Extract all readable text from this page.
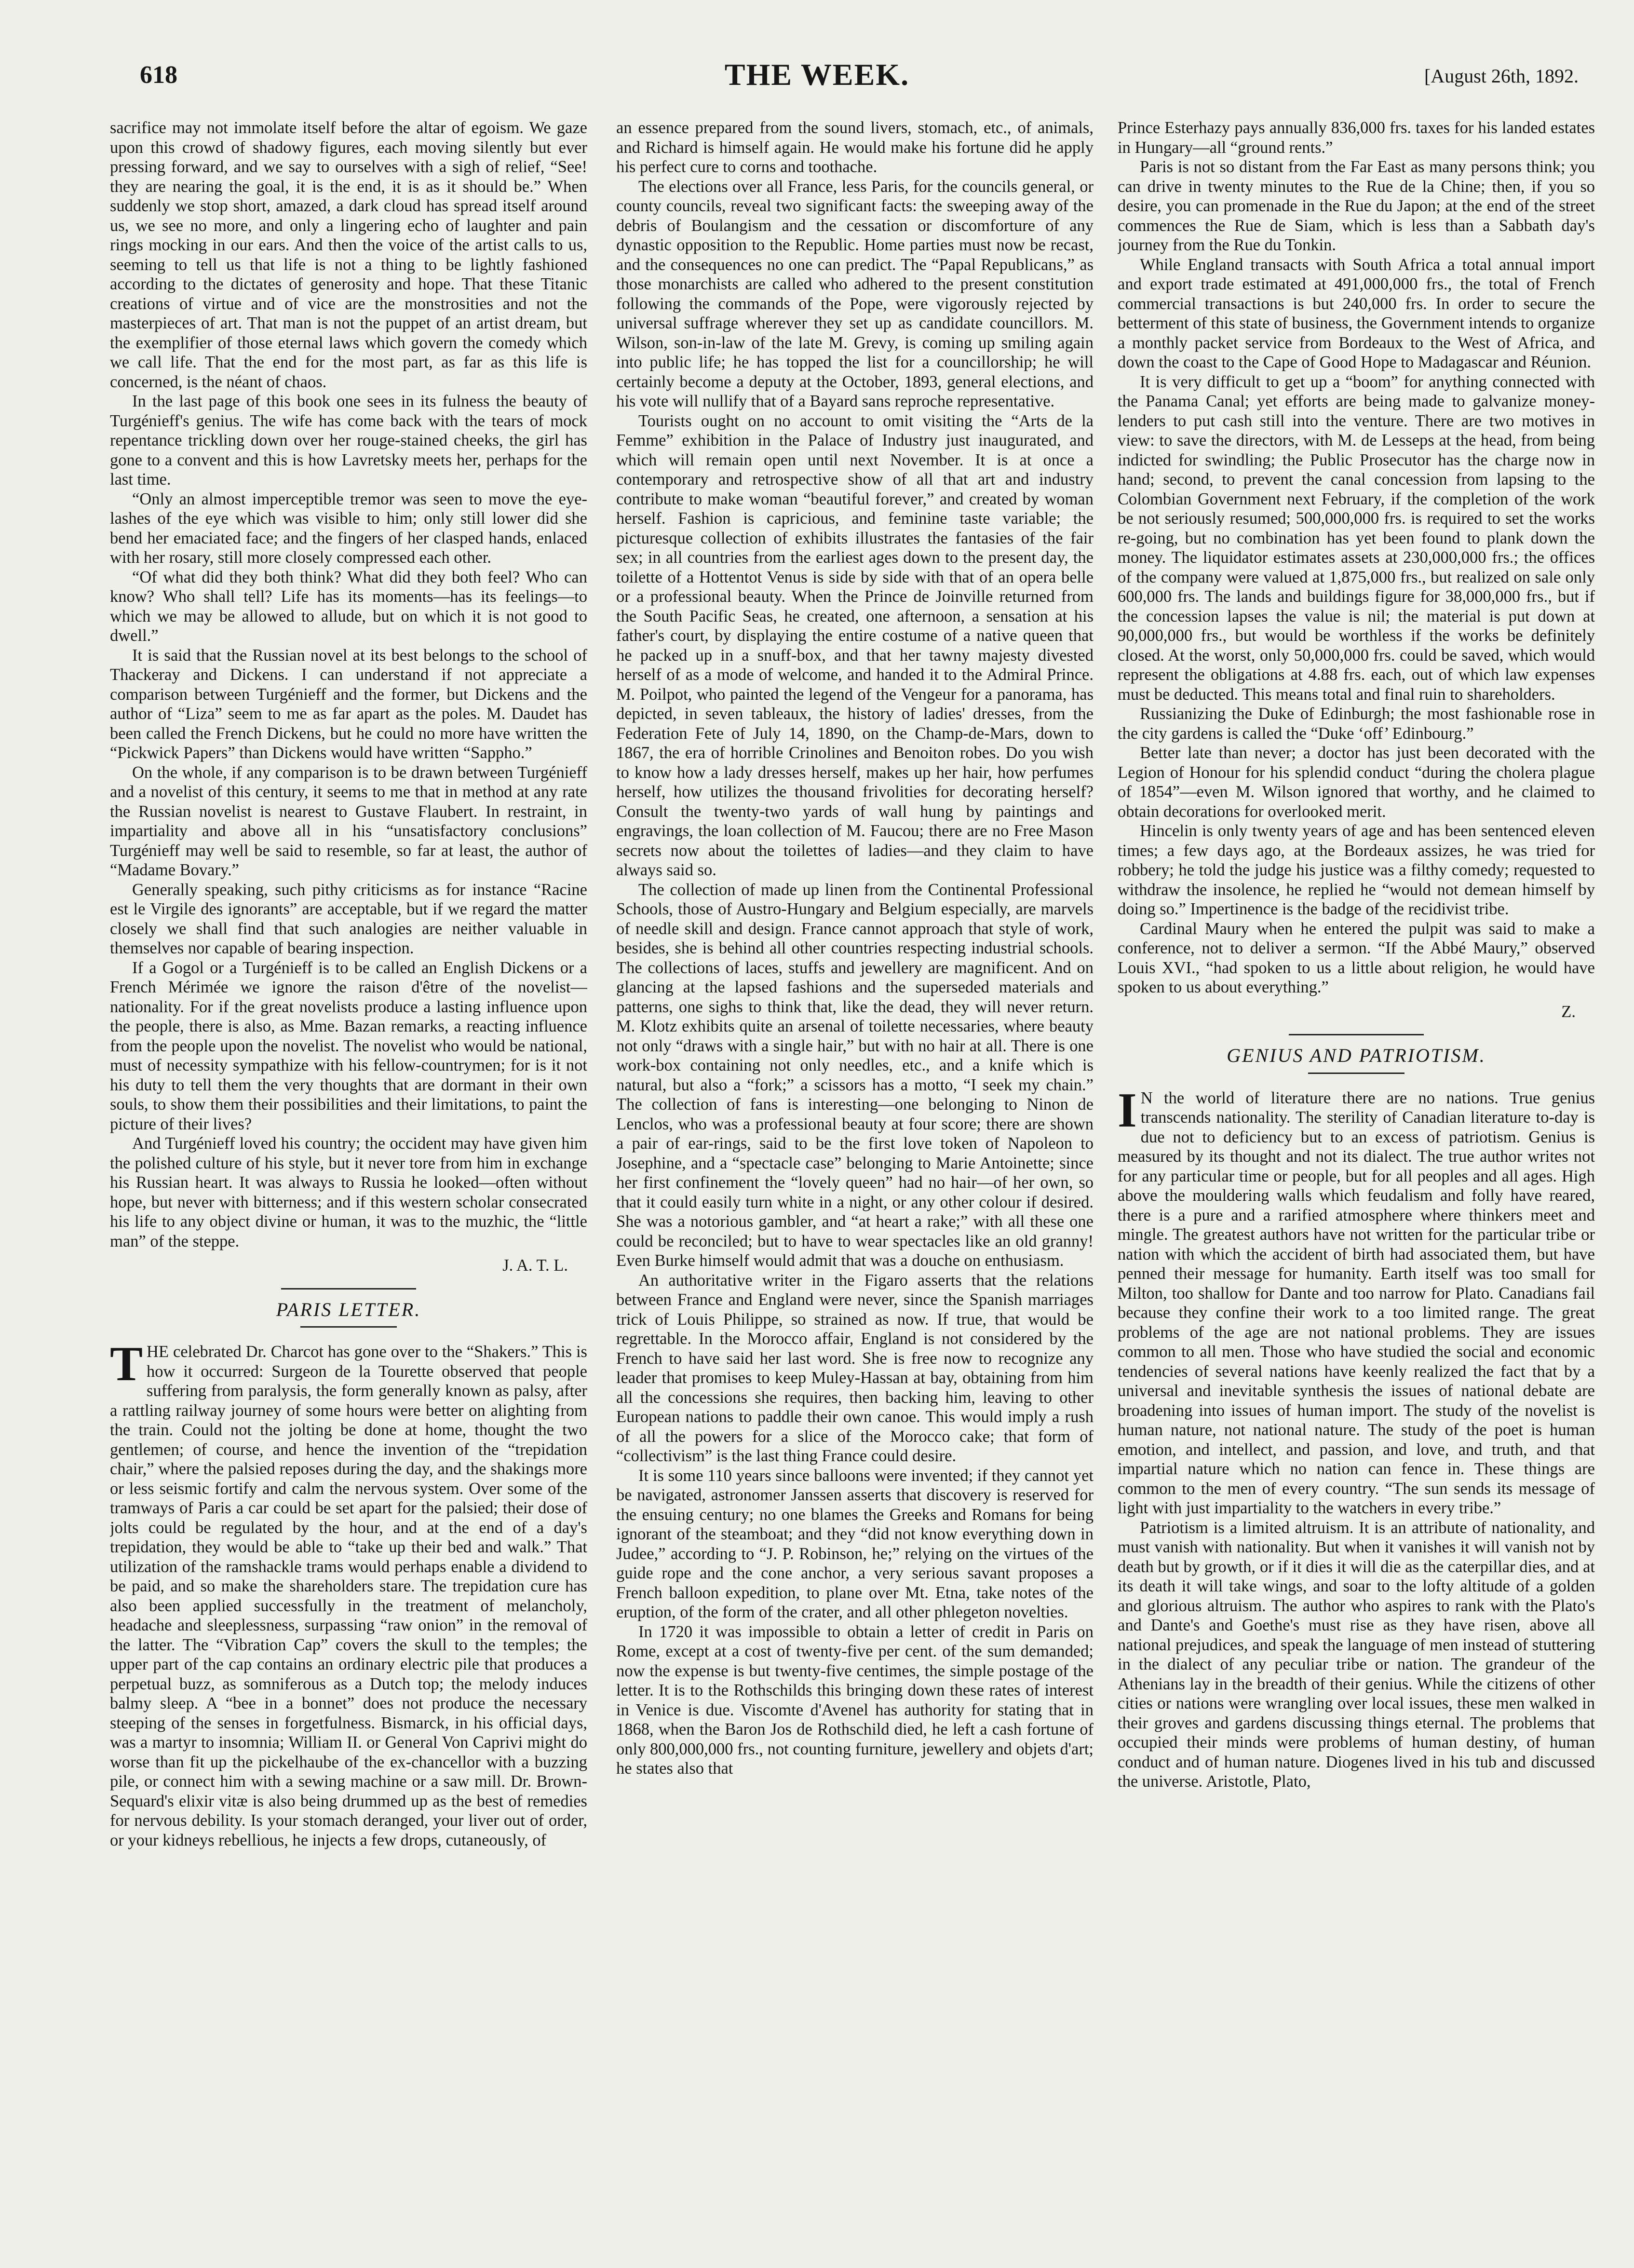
618	THE WEEK.	[August 26th, 1892.

sacrifice may not immolate itself before the altar of egoism. We gaze upon this crowd of shadowy figures, each moving silently but ever pressing forward, and we say to ourselves with a sigh of relief, “See! they are nearing the goal, it is the end, it is as it should be.” When suddenly we stop short, amazed, a dark cloud has spread itself around us, we see no more, and only a lingering echo of laughter and pain rings mocking in our ears. And then the voice of the artist calls to us, seeming to tell us that life is not a thing to be lightly fashioned according to the dictates of generosity and hope. That these Titanic creations of virtue and of vice are the monstrosities and not the masterpieces of art. That man is not the puppet of an artist dream, but the exemplifier of those eternal laws which govern the comedy which we call life. That the end for the most part, as far as this life is concerned, is the néant of chaos.

In the last page of this book one sees in its fulness the beauty of Turgénieff's genius. The wife has come back with the tears of mock repentance trickling down over her rouge-stained cheeks, the girl has gone to a convent and this is how Lavretsky meets her, perhaps for the last time.

“Only an almost imperceptible tremor was seen to move the eye-lashes of the eye which was visible to him; only still lower did she bend her emaciated face; and the fingers of her clasped hands, enlaced with her rosary, still more closely compressed each other.

“Of what did they both think? What did they both feel? Who can know? Who shall tell? Life has its moments—has its feelings—to which we may be allowed to allude, but on which it is not good to dwell.”

It is said that the Russian novel at its best belongs to the school of Thackeray and Dickens. I can understand if not appreciate a comparison between Turgénieff and the former, but Dickens and the author of “Liza” seem to me as far apart as the poles. M. Daudet has been called the French Dickens, but he could no more have written the “Pickwick Papers” than Dickens would have written “Sappho.”

On the whole, if any comparison is to be drawn between Turgénieff and a novelist of this century, it seems to me that in method at any rate the Russian novelist is nearest to Gustave Flaubert. In restraint, in impartiality and above all in his “unsatisfactory conclusions” Turgénieff may well be said to resemble, so far at least, the author of “Madame Bovary.”

Generally speaking, such pithy criticisms as for instance “Racine est le Virgile des ignorants” are acceptable, but if we regard the matter closely we shall find that such analogies are neither valuable in themselves nor capable of bearing inspection.

If a Gogol or a Turgénieff is to be called an English Dickens or a French Mérimée we ignore the raison d'être of the novelist—nationality. For if the great novelists produce a lasting influence upon the people, there is also, as Mme. Bazan remarks, a reacting influence from the people upon the novelist. The novelist who would be national, must of necessity sympathize with his fellow-countrymen; for is it not his duty to tell them the very thoughts that are dormant in their own souls, to show them their possibilities and their limitations, to paint the picture of their lives?

And Turgénieff loved his country; the occident may have given him the polished culture of his style, but it never tore from him in exchange his Russian heart. It was always to Russia he looked—often without hope, but never with bitterness; and if this western scholar consecrated his life to any object divine or human, it was to the muzhic, the “little man” of the steppe.

J. A. T. L.

PARIS LETTER.

THE celebrated Dr. Charcot has gone over to the “Shakers.” This is how it occurred: Surgeon de la Tourette observed that people suffering from paralysis, the form generally known as palsy, after a rattling railway journey of some hours were better on alighting from the train. Could not the jolting be done at home, thought the two gentlemen; of course, and hence the invention of the “trepidation chair,” where the palsied reposes during the day, and the shakings more or less seismic fortify and calm the nervous system. Over some of the tramways of Paris a car could be set apart for the palsied; their dose of jolts could be regulated by the hour, and at the end of a day's trepidation, they would be able to “take up their bed and walk.” That utilization of the ramshackle trams would perhaps enable a dividend to be paid, and so make the shareholders stare. The trepidation cure has also been applied successfully in the treatment of melancholy, headache and sleeplessness, surpassing “raw onion” in the removal of the latter. The “Vibration Cap” covers the skull to the temples; the upper part of the cap contains an ordinary electric pile that produces a perpetual buzz, as somniferous as a Dutch top; the melody induces balmy sleep. A “bee in a bonnet” does not produce the necessary steeping of the senses in forgetfulness. Bismarck, in his official days, was a martyr to insomnia; William II. or General Von Caprivi might do worse than fit up the pickelhaube of the ex-chancellor with a buzzing pile, or connect him with a sewing machine or a saw mill. Dr. Brown-Sequard's elixir vitæ is also being drummed up as the best of remedies for nervous debility. Is your stomach deranged, your liver out of order, or your kidneys rebellious, he injects a few drops, cutaneously, of

an essence prepared from the sound livers, stomach, etc., of animals, and Richard is himself again. He would make his fortune did he apply his perfect cure to corns and toothache.

The elections over all France, less Paris, for the councils general, or county councils, reveal two significant facts: the sweeping away of the debris of Boulangism and the cessation or discomforture of any dynastic opposition to the Republic. Home parties must now be recast, and the consequences no one can predict. The “Papal Republicans,” as those monarchists are called who adhered to the present constitution following the commands of the Pope, were vigorously rejected by universal suffrage wherever they set up as candidate councillors. M. Wilson, son-in-law of the late M. Grevy, is coming up smiling again into public life; he has topped the list for a councillorship; he will certainly become a deputy at the October, 1893, general elections, and his vote will nullify that of a Bayard sans reproche representative.

Tourists ought on no account to omit visiting the “Arts de la Femme” exhibition in the Palace of Industry just inaugurated, and which will remain open until next November. It is at once a contemporary and retrospective show of all that art and industry contribute to make woman “beautiful forever,” and created by woman herself. Fashion is capricious, and feminine taste variable; the picturesque collection of exhibits illustrates the fantasies of the fair sex; in all countries from the earliest ages down to the present day, the toilette of a Hottentot Venus is side by side with that of an opera belle or a professional beauty. When the Prince de Joinville returned from the South Pacific Seas, he created, one afternoon, a sensation at his father's court, by displaying the entire costume of a native queen that he packed up in a snuff-box, and that her tawny majesty divested herself of as a mode of welcome, and handed it to the Admiral Prince. M. Poilpot, who painted the legend of the Vengeur for a panorama, has depicted, in seven tableaux, the history of ladies' dresses, from the Federation Fete of July 14, 1890, on the Champ-de-Mars, down to 1867, the era of horrible Crinolines and Benoiton robes. Do you wish to know how a lady dresses herself, makes up her hair, how perfumes herself, how utilizes the thousand frivolities for decorating herself? Consult the twenty-two yards of wall hung by paintings and engravings, the loan collection of M. Faucou; there are no Free Mason secrets now about the toilettes of ladies—and they claim to have always said so.

The collection of made up linen from the Continental Professional Schools, those of Austro-Hungary and Belgium especially, are marvels of needle skill and design. France cannot approach that style of work, besides, she is behind all other countries respecting industrial schools. The collections of laces, stuffs and jewellery are magnificent. And on glancing at the lapsed fashions and the superseded materials and patterns, one sighs to think that, like the dead, they will never return. M. Klotz exhibits quite an arsenal of toilette necessaries, where beauty not only “draws with a single hair,” but with no hair at all. There is one work-box containing not only needles, etc., and a knife which is natural, but also a “fork;” a scissors has a motto, “I seek my chain.” The collection of fans is interesting—one belonging to Ninon de Lenclos, who was a professional beauty at four score; there are shown a pair of ear-rings, said to be the first love token of Napoleon to Josephine, and a “spectacle case” belonging to Marie Antoinette; since her first confinement the “lovely queen” had no hair—of her own, so that it could easily turn white in a night, or any other colour if desired. She was a notorious gambler, and “at heart a rake;” with all these one could be reconciled; but to have to wear spectacles like an old granny! Even Burke himself would admit that was a douche on enthusiasm.

An authoritative writer in the Figaro asserts that the relations between France and England were never, since the Spanish marriages trick of Louis Philippe, so strained as now. If true, that would be regrettable. In the Morocco affair, England is not considered by the French to have said her last word. She is free now to recognize any leader that promises to keep Muley-Hassan at bay, obtaining from him all the concessions she requires, then backing him, leaving to other European nations to paddle their own canoe. This would imply a rush of all the powers for a slice of the Morocco cake; that form of “collectivism” is the last thing France could desire.

It is some 110 years since balloons were invented; if they cannot yet be navigated, astronomer Janssen asserts that discovery is reserved for the ensuing century; no one blames the Greeks and Romans for being ignorant of the steamboat; and they “did not know everything down in Judee,” according to “J. P. Robinson, he;” relying on the virtues of the guide rope and the cone anchor, a very serious savant proposes a French balloon expedition, to plane over Mt. Etna, take notes of the eruption, of the form of the crater, and all other phlegeton novelties.

In 1720 it was impossible to obtain a letter of credit in Paris on Rome, except at a cost of twenty-five per cent. of the sum demanded; now the expense is but twenty-five centimes, the simple postage of the letter. It is to the Rothschilds this bringing down these rates of interest in Venice is due. Viscomte d'Avenel has authority for stating that in 1868, when the Baron Jos de Rothschild died, he left a cash fortune of only 800,000,000 frs., not counting furniture, jewellery and objets d'art; he states also that

Prince Esterhazy pays annually 836,000 frs. taxes for his landed estates in Hungary—all “ground rents.”

Paris is not so distant from the Far East as many persons think; you can drive in twenty minutes to the Rue de la Chine; then, if you so desire, you can promenade in the Rue du Japon; at the end of the street commences the Rue de Siam, which is less than a Sabbath day's journey from the Rue du Tonkin.

While England transacts with South Africa a total annual import and export trade estimated at 491,000,000 frs., the total of French commercial transactions is but 240,000 frs. In order to secure the betterment of this state of business, the Government intends to organize a monthly packet service from Bordeaux to the West of Africa, and down the coast to the Cape of Good Hope to Madagascar and Réunion.

It is very difficult to get up a “boom” for anything connected with the Panama Canal; yet efforts are being made to galvanize money-lenders to put cash still into the venture. There are two motives in view: to save the directors, with M. de Lesseps at the head, from being indicted for swindling; the Public Prosecutor has the charge now in hand; second, to prevent the canal concession from lapsing to the Colombian Government next February, if the completion of the work be not seriously resumed; 500,000,000 frs. is required to set the works re-going, but no combination has yet been found to plank down the money. The liquidator estimates assets at 230,000,000 frs.; the offices of the company were valued at 1,875,000 frs., but realized on sale only 600,000 frs. The lands and buildings figure for 38,000,000 frs., but if the concession lapses the value is nil; the material is put down at 90,000,000 frs., but would be worthless if the works be definitely closed. At the worst, only 50,000,000 frs. could be saved, which would represent the obligations at 4.88 frs. each, out of which law expenses must be deducted. This means total and final ruin to shareholders.

Russianizing the Duke of Edinburgh; the most fashionable rose in the city gardens is called the “Duke ‘off’ Edinbourg.”

Better late than never; a doctor has just been decorated with the Legion of Honour for his splendid conduct “during the cholera plague of 1854”—even M. Wilson ignored that worthy, and he claimed to obtain decorations for overlooked merit.

Hincelin is only twenty years of age and has been sentenced eleven times; a few days ago, at the Bordeaux assizes, he was tried for robbery; he told the judge his justice was a filthy comedy; requested to withdraw the insolence, he replied he “would not demean himself by doing so.” Impertinence is the badge of the recidivist tribe.

Cardinal Maury when he entered the pulpit was said to make a conference, not to deliver a sermon. “If the Abbé Maury,” observed Louis XVI., “had spoken to us a little about religion, he would have spoken to us about everything.”

Z.

GENIUS AND PATRIOTISM.

I N the world of literature there are no nations. True genius transcends nationality. The sterility of Canadian literature to-day is due not to deficiency but to an excess of patriotism. Genius is measured by its thought and not its dialect. The true author writes not for any particular time or people, but for all peoples and all ages. High above the mouldering walls which feudalism and folly have reared, there is a pure and a rarified atmosphere where thinkers meet and mingle. The greatest authors have not written for the particular tribe or nation with which the accident of birth had associated them, but have penned their message for humanity. Earth itself was too small for Milton, too shallow for Dante and too narrow for Plato. Canadians fail because they confine their work to a too limited range. The great problems of the age are not national problems. They are issues common to all men. Those who have studied the social and economic tendencies of several nations have keenly realized the fact that by a universal and inevitable synthesis the issues of national debate are broadening into issues of human import. The study of the novelist is human nature, not national nature. The study of the poet is human emotion, and intellect, and passion, and love, and truth, and that impartial nature which no nation can fence in. These things are common to the men of every country. “The sun sends its message of light with just impartiality to the watchers in every tribe.”

Patriotism is a limited altruism. It is an attribute of nationality, and must vanish with nationality. But when it vanishes it will vanish not by death but by growth, or if it dies it will die as the caterpillar dies, and at its death it will take wings, and soar to the lofty altitude of a golden and glorious altruism. The author who aspires to rank with the Plato's and Dante's and Goethe's must rise as they have risen, above all national prejudices, and speak the language of men instead of stuttering in the dialect of any peculiar tribe or nation. The grandeur of the Athenians lay in the breadth of their genius. While the citizens of other cities or nations were wrangling over local issues, these men walked in their groves and gardens discussing things eternal. The problems that occupied their minds were problems of human destiny, of human conduct and of human nature. Diogenes lived in his tub and discussed the universe. Aristotle, Plato,
